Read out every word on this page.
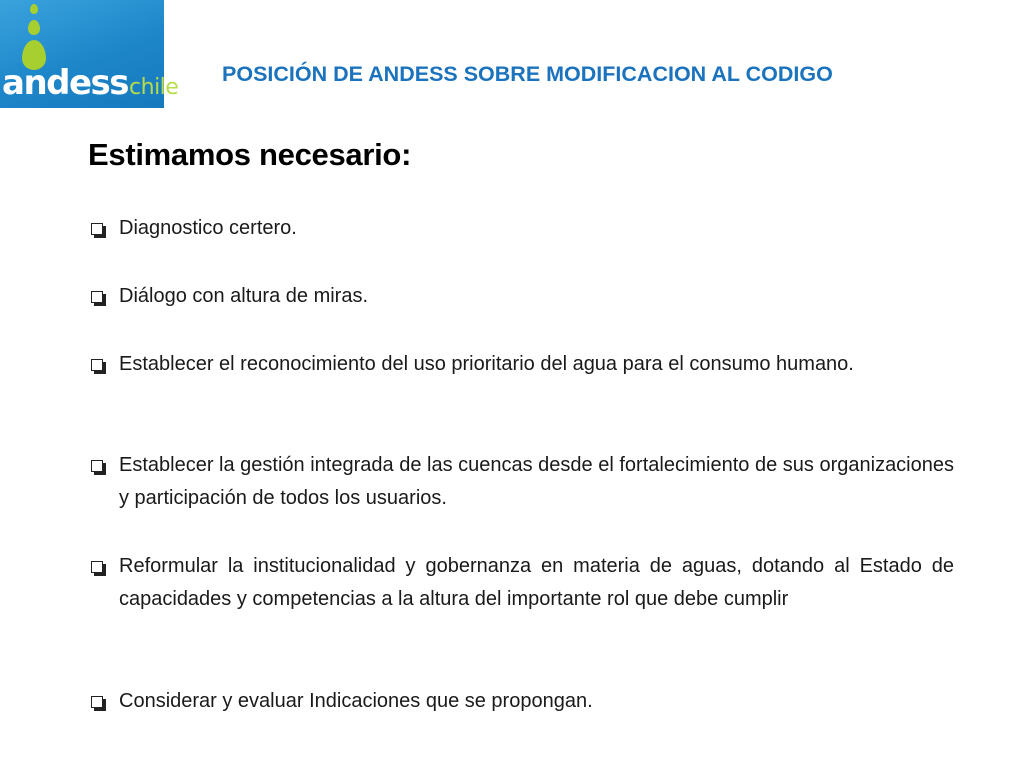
andesschile
POSICIÓN DE ANDESS SOBRE MODIFICACION AL CODIGO
Estimamos necesario:
Diagnostico certero.
Diálogo con altura de miras.
Establecer el reconocimiento del uso prioritario del agua para el consumo humano.
Establecer la gestión integrada de las cuencas desde el fortalecimiento de sus organizaciones y participación de todos los usuarios.
Reformular la institucionalidad y gobernanza en materia de aguas, dotando al Estado de capacidades y competencias a la altura del importante rol que debe cumplir
Considerar y evaluar Indicaciones que se propongan.
